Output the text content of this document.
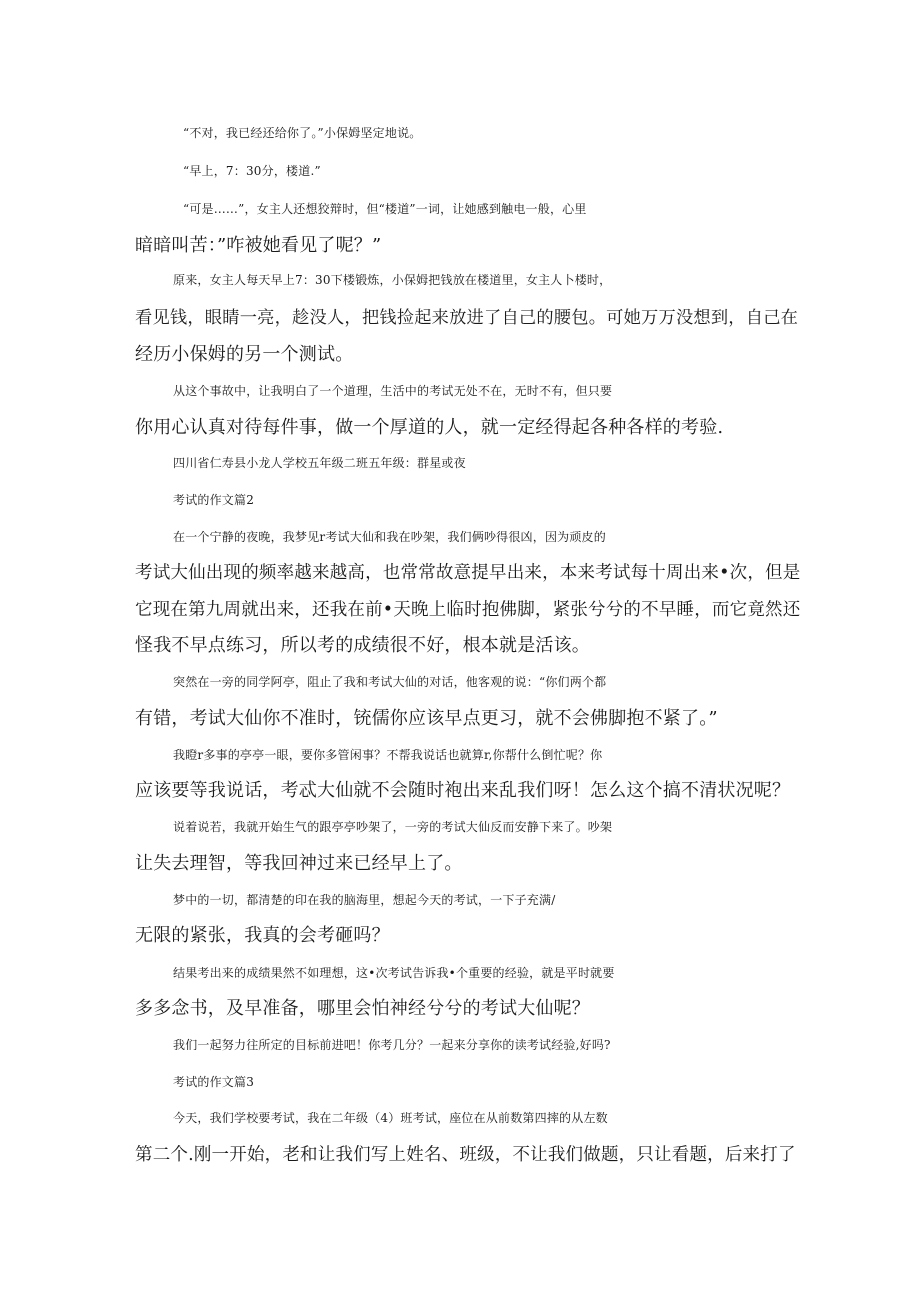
“不对，我已经还给你了。”小保姆坚定地说。
“早上，7：30分，楼道.”
“可是……”，女主人还想狡辩时，但“楼道”一词，让她感到触电一般，心里
暗暗叫苦：”咋被她看见了呢？”
原来，女主人每天早上7：30下楼锻炼，小保姆把钱放在楼道里，女主人卜楼时，
看见钱，眼睛一亮，趁没人，把钱捡起来放进了自己的腰包。可她万万没想到，自己在
经历小保姆的另一个测试。
从这个事故中，让我明白了一个道理，生活中的考试无处不在，无时不有，但只要
你用心认真对待每件事，做一个厚道的人，就一定经得起各种各样的考验.
四川省仁寿县小龙人学校五年级二班五年级：群星或夜
考试的作文篇2
在一个宁静的夜晚，我梦见r考试大仙和我在吵架，我们俩吵得很凶，因为顽皮的
考试大仙出现的频率越来越高，也常常故意提早出来，本来考试每十周出来•次，但是
它现在第九周就出来，还我在前•天晚上临时抱佛脚，紧张兮兮的不早睡，而它竟然还
怪我不早点练习，所以考的成绩很不好，根本就是活该。
突然在一旁的同学阿亭，阻止了我和考试大仙的对话，他客观的说：“你们两个都
有错，考试大仙你不准时，铳儒你应该早点更习，就不会佛脚抱不紧了。”
我瞪r多事的亭亭一眼，要你多管闲事？不帮我说话也就算r,你帮什么倒忙呢？你
应该要等我说话，考忒大仙就不会随时袍出来乱我们呀！怎么这个搞不清状况呢？
说着说若，我就开始生气的跟亭亭吵架了，一旁的考试大仙反而安静下来了。吵架
让失去理智，等我回神过来已经早上了。
梦中的一切，都清楚的印在我的脑海里，想起今天的考试，一下子充满/
无限的紧张，我真的会考砸吗？
结果考出来的成绩果然不如理想，这•次考试告诉我•个重要的经验，就是平时就要
多多念书，及早准备，哪里会怕神经兮兮的考试大仙呢？
我们一起努力往所定的目标前进吧！你考几分？一起来分享你的读考试经验,好吗?
考试的作文篇3
今天，我们学校要考试，我在二年级（4）班考试，座位在从前数第四摔的从左数
第二个.刚一开始，老和让我们写上姓名、班级，不让我们做题，只让看题，后来打了
